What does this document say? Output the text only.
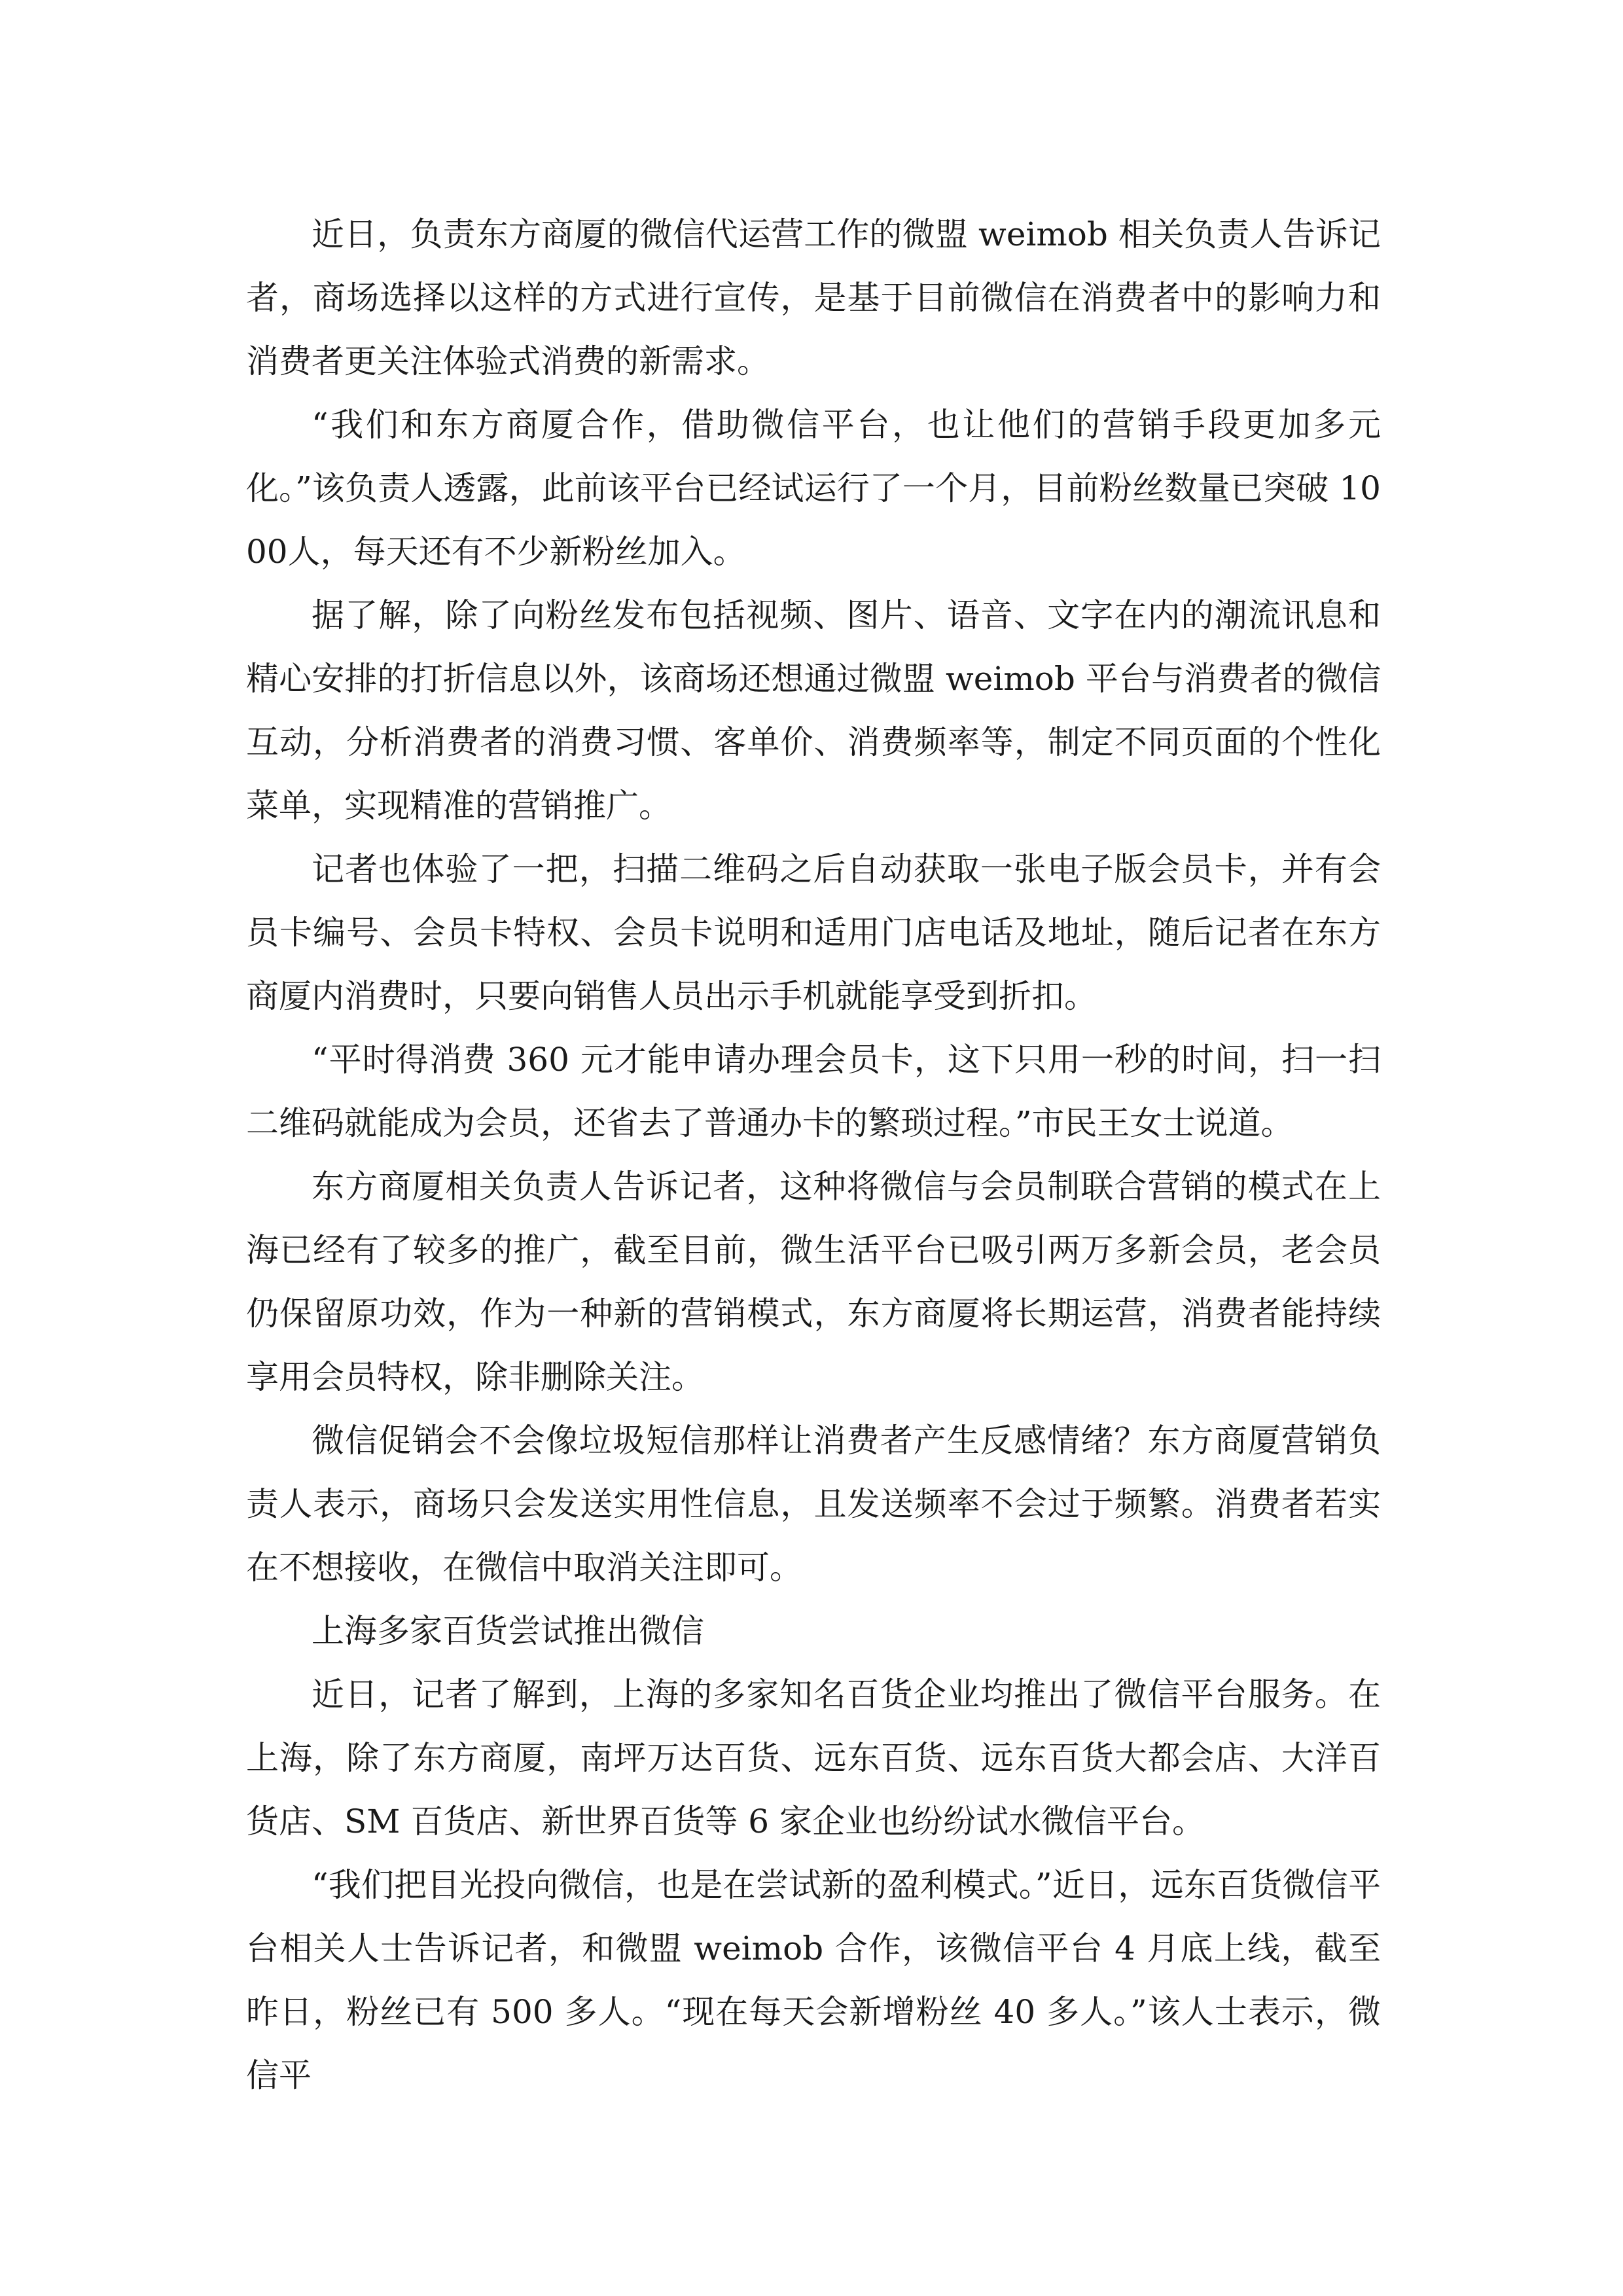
近日，负责东方商厦的微信代运营工作的微盟 weimob 相关负责人告诉记者，商场选择以这样的方式进行宣传，是基于目前微信在消费者中的影响力和消费者更关注体验式消费的新需求。

“我们和东方商厦合作，借助微信平台，也让他们的营销手段更加多元化。”该负责人透露，此前该平台已经试运行了一个月，目前粉丝数量已突破 1000人，每天还有不少新粉丝加入。

据了解，除了向粉丝发布包括视频、图片、语音、文字在内的潮流讯息和精心安排的打折信息以外，该商场还想通过微盟 weimob 平台与消费者的微信互动，分析消费者的消费习惯、客单价、消费频率等，制定不同页面的个性化菜单，实现精准的营销推广。

记者也体验了一把，扫描二维码之后自动获取一张电子版会员卡，并有会员卡编号、会员卡特权、会员卡说明和适用门店电话及地址，随后记者在东方商厦内消费时，只要向销售人员出示手机就能享受到折扣。

“平时得消费 360 元才能申请办理会员卡，这下只用一秒的时间，扫一扫二维码就能成为会员，还省去了普通办卡的繁琐过程。”市民王女士说道。

东方商厦相关负责人告诉记者，这种将微信与会员制联合营销的模式在上海已经有了较多的推广，截至目前，微生活平台已吸引两万多新会员，老会员仍保留原功效，作为一种新的营销模式，东方商厦将长期运营，消费者能持续享用会员特权，除非删除关注。

微信促销会不会像垃圾短信那样让消费者产生反感情绪？东方商厦营销负责人表示，商场只会发送实用性信息，且发送频率不会过于频繁。消费者若实在不想接收，在微信中取消关注即可。

上海多家百货尝试推出微信

近日，记者了解到，上海的多家知名百货企业均推出了微信平台服务。在上海，除了东方商厦，南坪万达百货、远东百货、远东百货大都会店、大洋百货店、SM 百货店、新世界百货等 6 家企业也纷纷试水微信平台。

“我们把目光投向微信，也是在尝试新的盈利模式。”近日，远东百货微信平台相关人士告诉记者，和微盟 weimob 合作，该微信平台 4 月底上线，截至昨日，粉丝已有 500 多人。“现在每天会新增粉丝 40 多人。”该人士表示，微信平
